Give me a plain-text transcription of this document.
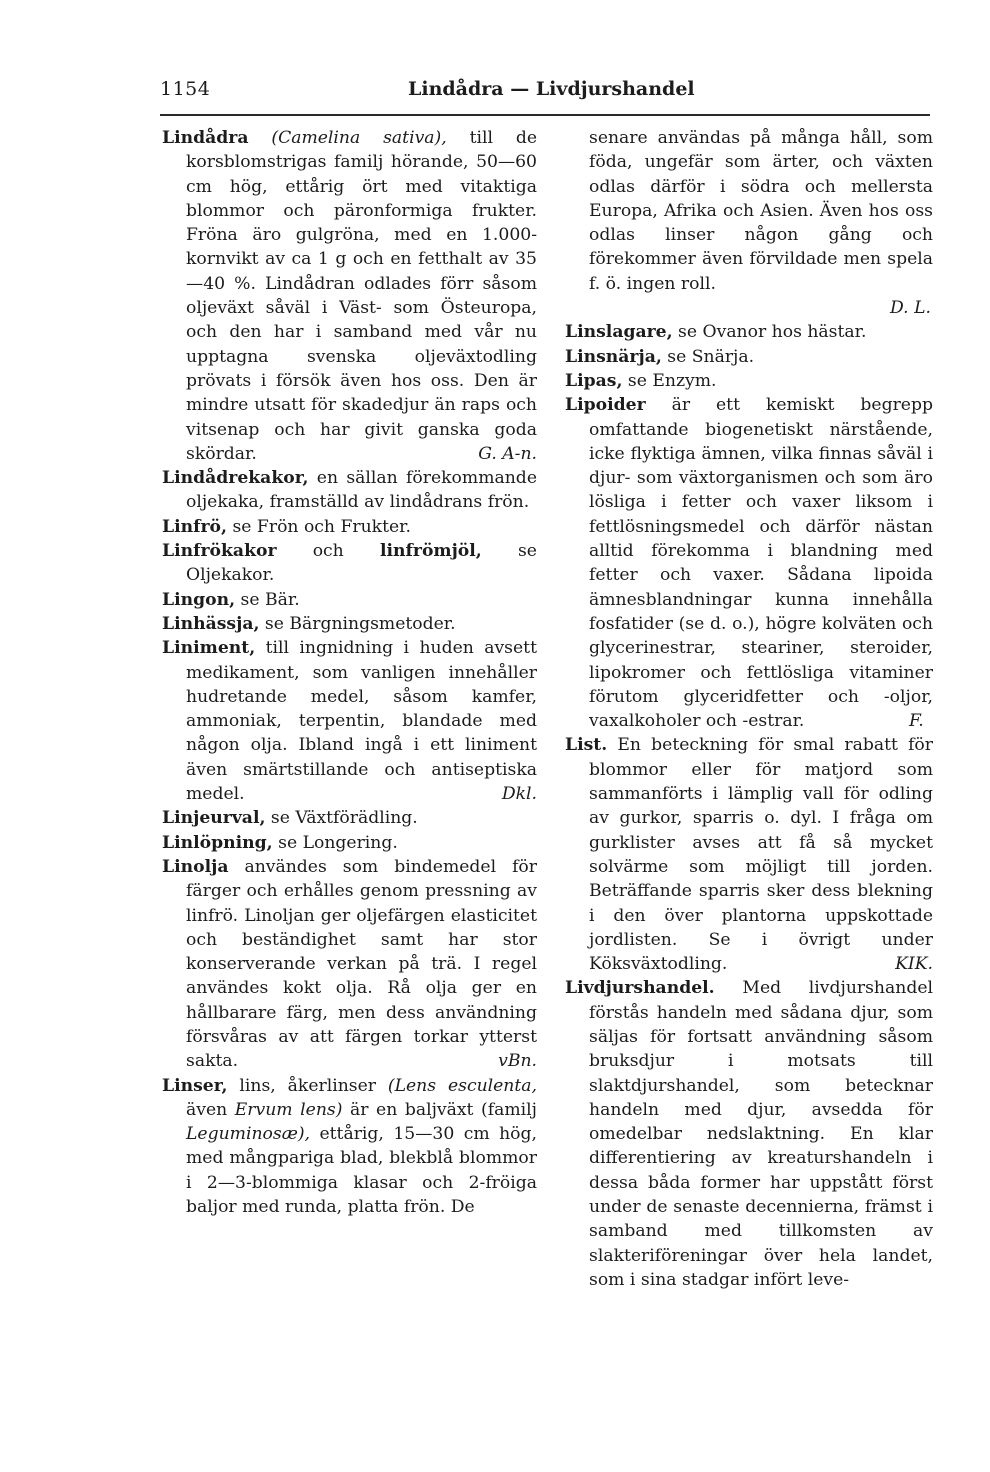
1154	Lindådra — Livdjurshandel

Lindådra (Camelina sativa), till de korsblomstrigas familj hörande, 50—60 cm hög, ettårig ört med vitaktiga blommor och päronformiga frukter. Fröna äro gulgröna, med en 1.000-kornvikt av ca 1 g och en fetthalt av 35—40 %. Lindådran odlades förr såsom oljeväxt såväl i Väst- som Östeuropa, och den har i samband med vår nu upptagna svenska oljeväxtodling prövats i försök även hos oss. Den är mindre utsatt för skadedjur än raps och vitsenap och har givit ganska goda skördar.	G. A-n.

Lindådrekakor, en sällan förekommande oljekaka, framställd av lindådrans frön.

Linfrö, se Frön och Frukter.

Linfrökakor och linfrömjöl, se Oljekakor.

Lingon, se Bär.

Linhässja, se Bärgningsmetoder.

Liniment, till ingnidning i huden avsett medikament, som vanligen innehåller hudretande medel, såsom kamfer, ammoniak, terpentin, blandade med någon olja. Ibland ingå i ett liniment även smärtstillande och antiseptiska medel.	Dkl.

Linjeurval, se Växtförädling.

Linlöpning, se Longering.

Linolja användes som bindemedel för färger och erhålles genom pressning av linfrö. Linoljan ger oljefärgen elasticitet och beständighet samt har stor konserverande verkan på trä. I regel användes kokt olja. Rå olja ger en hållbarare färg, men dess användning försvåras av att färgen torkar ytterst sakta.	vBn.

Linser, lins, åkerlinser (Lens esculenta, även Ervum lens) är en baljväxt (familj Leguminosæ), ettårig, 15—30 cm hög, med mångpariga blad, blekblå blommor i 2—3-blommiga klasar och 2-fröiga baljor med runda, platta frön. De

senare användas på många håll, som föda, ungefär som ärter, och växten odlas därför i södra och mellersta Europa, Afrika och Asien. Även hos oss odlas linser någon gång och förekommer även förvildade men spela f. ö. ingen roll.

D. L.

Linslagare, se Ovanor hos hästar.

Linsnärja, se Snärja.

Lipas, se Enzym.

Lipoider är ett kemiskt begrepp omfattande biogenetiskt närstående, icke flyktiga ämnen, vilka finnas såväl i djur- som växtorganismen och som äro lösliga i fetter och vaxer liksom i fettlösningsmedel och därför nästan alltid förekomma i blandning med fetter och vaxer. Sådana lipoida ämnesblandningar kunna innehålla fosfatider (se d. o.), högre kolväten och glycerinestrar, steariner, steroider, lipokromer och fettlösliga vitaminer förutom glyceridfetter och -oljor, vaxalkoholer och -estrar.	F.

List. En beteckning för smal rabatt för blommor eller för matjord som sammanförts i lämplig vall för odling av gurkor, sparris o. dyl. I fråga om gurklister avses att få så mycket solvärme som möjligt till jorden. Beträffande sparris sker dess blekning i den över plantorna uppskottade jordlisten. Se i övrigt under Köksväxtodling.	KIK.

Livdjurshandel. Med livdjurshandel förstås handeln med sådana djur, som säljas för fortsatt användning såsom bruksdjur i motsats till slaktdjurshandel, som betecknar handeln med djur, avsedda för omedelbar nedslaktning. En klar differentiering av kreaturshandeln i dessa båda former har uppstått först under de senaste decennierna, främst i samband med tillkomsten av slakteriföreningar över hela landet, som i sina stadgar infört leve-
